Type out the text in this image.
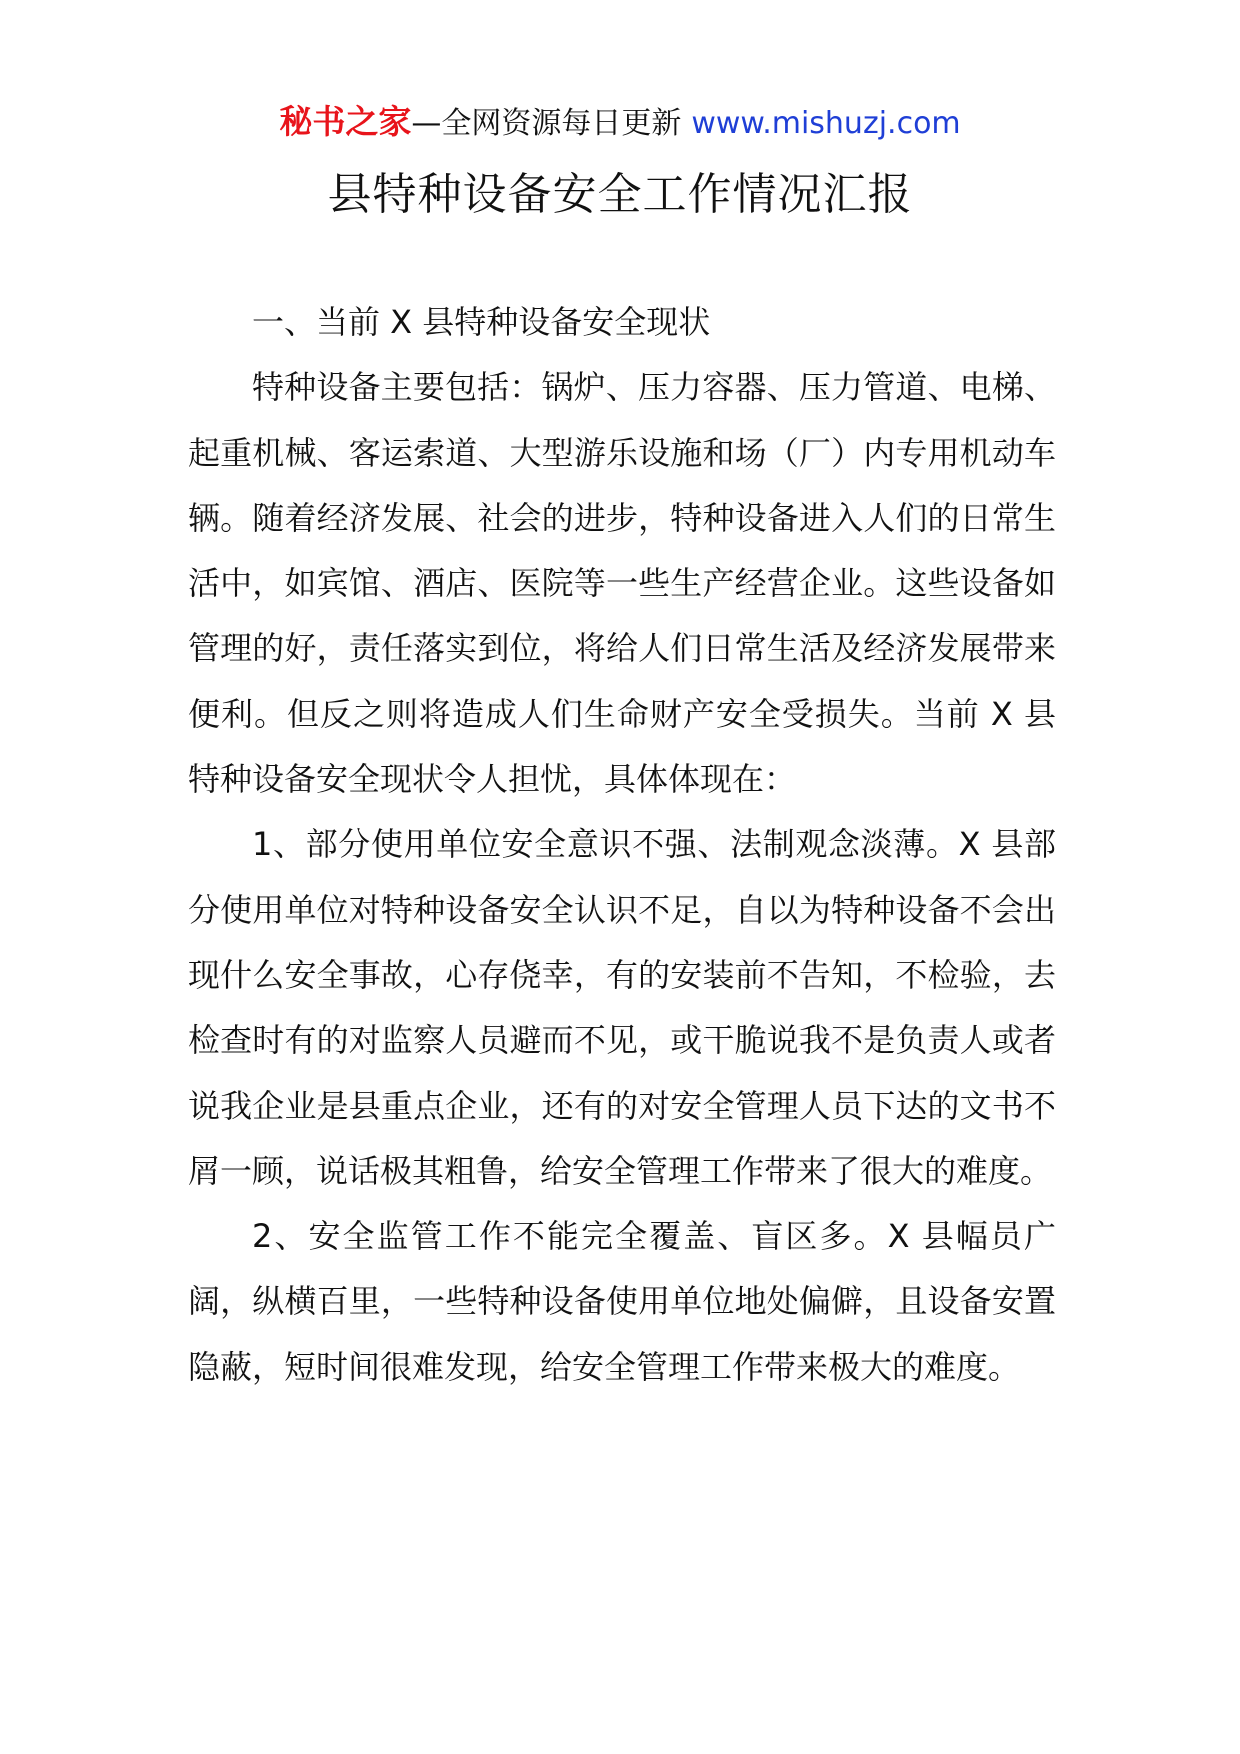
秘书之家—全网资源每日更新 www.mishuzj.com
县特种设备安全工作情况汇报

一、当前 X 县特种设备安全现状

特种设备主要包括：锅炉、压力容器、压力管道、电梯、起重机械、客运索道、大型游乐设施和场（厂）内专用机动车辆。随着经济发展、社会的进步，特种设备进入人们的日常生活中，如宾馆、酒店、医院等一些生产经营企业。这些设备如管理的好，责任落实到位，将给人们日常生活及经济发展带来便利。但反之则将造成人们生命财产安全受损失。当前 X 县特种设备安全现状令人担忧，具体体现在：

1、部分使用单位安全意识不强、法制观念淡薄。X 县部分使用单位对特种设备安全认识不足，自以为特种设备不会出现什么安全事故，心存侥幸，有的安装前不告知，不检验，去检查时有的对监察人员避而不见，或干脆说我不是负责人或者说我企业是县重点企业，还有的对安全管理人员下达的文书不屑一顾，说话极其粗鲁，给安全管理工作带来了很大的难度。

2、安全监管工作不能完全覆盖、盲区多。X 县幅员广阔，纵横百里，一些特种设备使用单位地处偏僻，且设备安置隐蔽，短时间很难发现，给安全管理工作带来极大的难度。
